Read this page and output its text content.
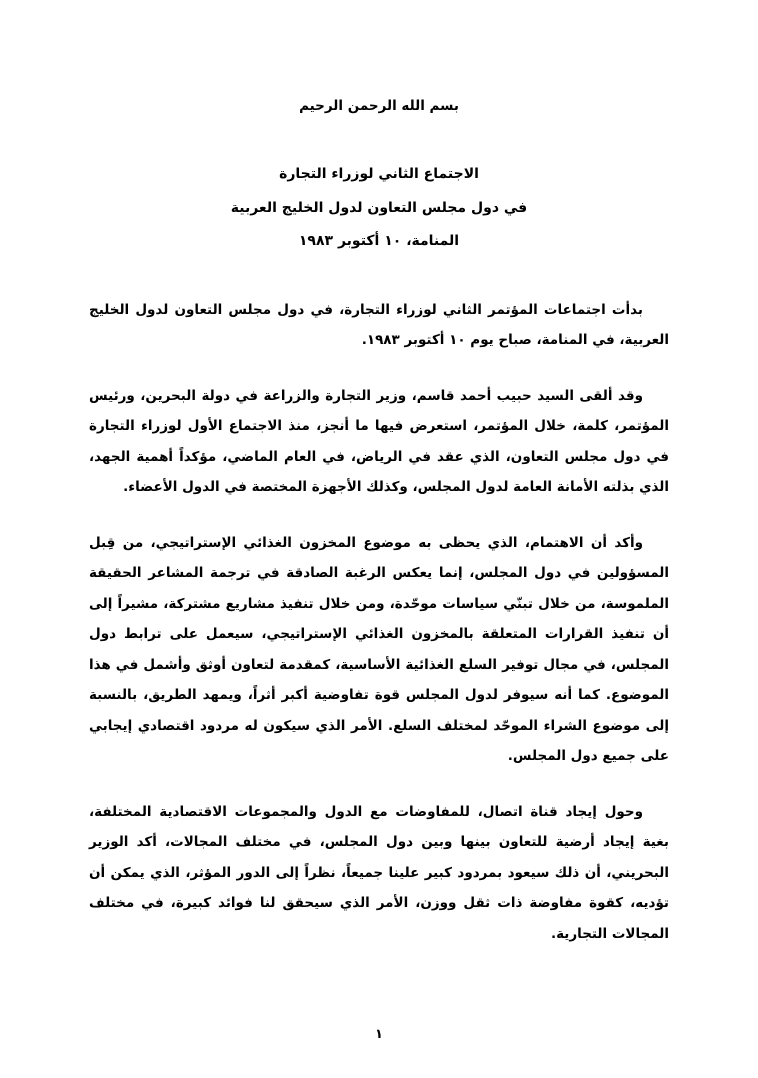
بسم الله الرحمن الرحيم
الاجتماع الثاني لوزراء التجارة
في دول مجلس التعاون لدول الخليج العربية
المنامة، ١٠ أكتوبر ١٩٨٣

بدأت اجتماعات المؤتمر الثاني لوزراء التجارة، في دول مجلس التعاون لدول الخليج العربية، في المنامة، صباح يوم ١٠ أكتوبر ١٩٨٣.

وقد ألقى السيد حبيب أحمد قاسم، وزير التجارة والزراعة في دولة البحرين، ورئيس المؤتمر، كلمة، خلال المؤتمر، استعرض فيها ما أنجز، منذ الاجتماع الأول لوزراء التجارة في دول مجلس التعاون، الذي عقد في الرياض، في العام الماضي، مؤكداً أهمية الجهد، الذي بذلته الأمانة العامة لدول المجلس، وكذلك الأجهزة المختصة في الدول الأعضاء.

وأكد أن الاهتمام، الذي يحظى به موضوع المخزون الغذائي الإستراتيجي، من قِبل المسؤولين في دول المجلس، إنما يعكس الرغبة الصادقة في ترجمة المشاعر الحقيقة الملموسة، من خلال تبنّي سياسات موحّدة، ومن خلال تنفيذ مشاريع مشتركة، مشيراً إلى أن تنفيذ القرارات المتعلقة بالمخزون الغذائي الإستراتيجي، سيعمل على ترابط دول المجلس، في مجال توفير السلع الغذائية الأساسية، كمقدمة لتعاون أوثق وأشمل في هذا الموضوع. كما أنه سيوفر لدول المجلس قوة تفاوضية أكبر أثراً، ويمهد الطريق، بالنسبة إلى موضوع الشراء الموحّد لمختلف السلع. الأمر الذي سيكون له مردود اقتصادي إيجابي على جميع دول المجلس.

وحول إيجاد قناة اتصال، للمفاوضات مع الدول والمجموعات الاقتصادية المختلفة، بغية إيجاد أرضية للتعاون بينها وبين دول المجلس، في مختلف المجالات، أكد الوزير البحريني، أن ذلك سيعود بمردود كبير علينا جميعاً، نظراً إلى الدور المؤثر، الذي يمكن أن تؤديه، كقوة مفاوضة ذات ثقل ووزن، الأمر الذي سيحقق لنا فوائد كبيرة، في مختلف المجالات التجارية.

١
